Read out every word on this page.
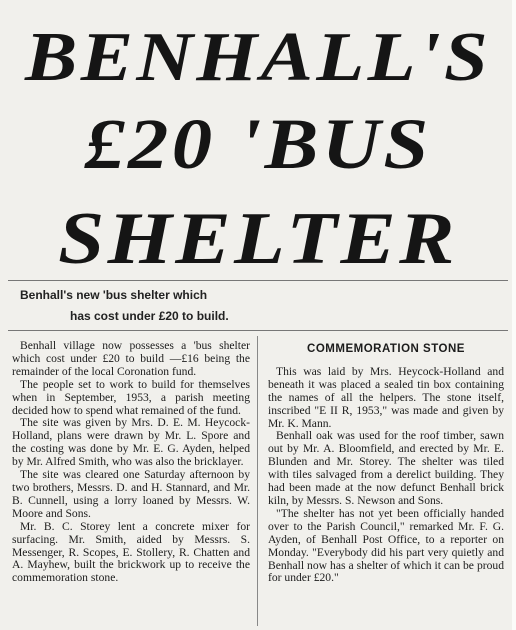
BENHALL'S
£20 'BUS
SHELTER
Benhall's new 'bus shelter which
has cost under £20 to build.

Benhall village now possesses a 'bus shelter which cost under £20 to build —£16 being the remainder of the local Coronation fund.

The people set to work to build for themselves when in September, 1953, a parish meeting decided how to spend what remained of the fund.

The site was given by Mrs. D. E. M. Heycock-Holland, plans were drawn by Mr. L. Spore and the costing was done by Mr. E. G. Ayden, helped by Mr. Alfred Smith, who was also the bricklayer.

The site was cleared one Saturday afternoon by two brothers, Messrs. D. and H. Stannard, and Mr. B. Cunnell, using a lorry loaned by Messrs. W. Moore and Sons.

Mr. B. C. Storey lent a concrete mixer for surfacing. Mr. Smith, aided by Messrs. S. Messenger, R. Scopes, E. Stollery, R. Chatten and A. Mayhew, built the brickwork up to receive the commemoration stone.

COMMEMORATION STONE

This was laid by Mrs. Heycock-Holland and beneath it was placed a sealed tin box containing the names of all the helpers. The stone itself, inscribed "E II R, 1953," was made and given by Mr. K. Mann.

Benhall oak was used for the roof timber, sawn out by Mr. A. Bloomfield, and erected by Mr. E. Blunden and Mr. Storey. The shelter was tiled with tiles salvaged from a derelict building. They had been made at the now defunct Benhall brick kiln, by Messrs. S. Newson and Sons.

"The shelter has not yet been officially handed over to the Parish Council," remarked Mr. F. G. Ayden, of Benhall Post Office, to a reporter on Monday. "Everybody did his part very quietly and Benhall now has a shelter of which it can be proud for under £20."
